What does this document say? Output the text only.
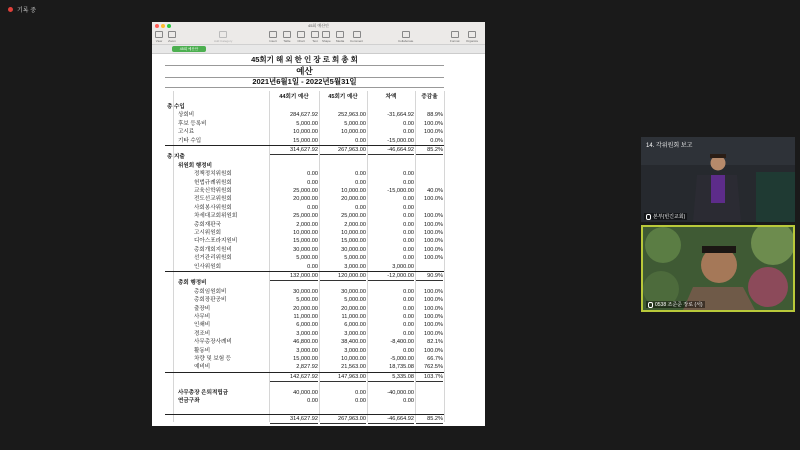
기록 중
45회 예산안
View Zoom	Add Category	Insert Table Chart	Text Shape Media Comment	Collaborate	Format Organize
45회 예산안
45회기 해 외 한 인 장 로 회 총 회
예산
2021년6월1일 - 2022년5월31일
44회기 예산	45회기 예산	차액	증감율
총 수입
상회비	284,627.92	252,963.00	-31,664.92	88.9%
후보 등록비	5,000.00	5,000.00	0.00	100.0%
고시료	10,000.00	10,000.00	0.00	100.0%
기타 수입	15,000.00	0.00	-15,000.00	0.0%
314,627.92	267,963.00	-46,664.92	85.2%
총 지출
위원회 행정비
정책정치위원회	0.00	0.00	0.00
헌법규례위원회	0.00	0.00	0.00
교육신학위원회	25,000.00	10,000.00	-15,000.00	40.0%
전도선교위원회	20,000.00	20,000.00	0.00	100.0%
사회봉사위원회	0.00	0.00	0.00
차세대교회위원회	25,000.00	25,000.00	0.00	100.0%
총회재판국	2,000.00	2,000.00	0.00	100.0%
고시위원회	10,000.00	10,000.00	0.00	100.0%
디아스포라지원비	15,000.00	15,000.00	0.00	100.0%
총회개회지원비	30,000.00	30,000.00	0.00	100.0%
선거관리위원회	5,000.00	5,000.00	0.00	100.0%
인사위원회	0.00	3,000.00	3,000.00
132,000.00	120,000.00	-12,000.00	90.9%
총회 행정비
총회임원회비	30,000.00	30,000.00	0.00	100.0%
총회장판공비	5,000.00	5,000.00	0.00	100.0%
출장비	20,000.00	20,000.00	0.00	100.0%
사무비	11,000.00	11,000.00	0.00	100.0%
인쇄비	6,000.00	6,000.00	0.00	100.0%
경조비	3,000.00	3,000.00	0.00	100.0%
사무총장사례비	46,800.00	38,400.00	-8,400.00	82.1%
활동비	3,000.00	3,000.00	0.00	100.0%
차량 및 보험 등	15,000.00	10,000.00	-5,000.00	66.7%
예비비	2,827.92	21,563.00	18,735.08	762.5%
142,627.92	147,963.00	5,335.08	103.7%
사무총장 은퇴적립금	40,000.00	0.00	-40,000.00
연금구좌	0.00	0.00	0.00
314,627.92	267,963.00	-46,664.92	85.2%
14. 각위원회 보고
본부(빈긴교회)
0538 조준준 장로 (서)
